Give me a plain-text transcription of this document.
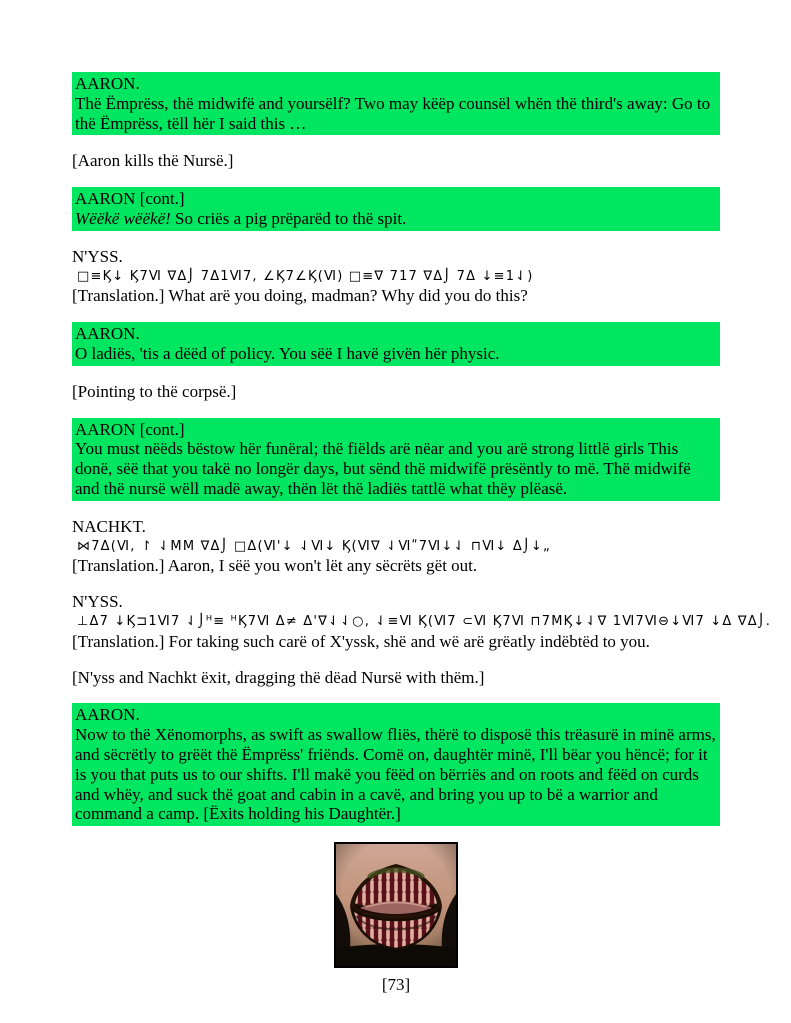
AARON.
Thë Ëmprëss, thë midwifë and yoursëlf? Two may këëp counsël whën thë third's away: Go to thë Ëmprëss, tëll hër I said this …
[Aaron kills thë Nursë.]
AARON [cont.]
Wëëkë wëëkë! So criës a pig prëparëd to thë spit.
N'YSS.
□≡Ϗ↓ Ϗ7Ⅵ ∇Δ⌡ 7Δ1Ⅵ7, ∠Ϗ7∠Ϗ(Ⅵ) □≡∇ 717 ∇Δ⌡ 7Δ ↓≡1⇃)
[Translation.] What arë you doing, madman? Why did you do this?
AARON.
O ladiës, 'tis a dëëd of policy. You sëë I havë givën hër physic.
[Pointing to thë corpsë.]
AARON [cont.]
You must nëëds bëstow hër funëral; thë fiëlds arë nëar and you arë strong littlë girls This donë, sëë that you takë no longër days, but sënd thë midwifë prësëntly to më. Thë midwifë and thë nursë wëll madë away, thën lët thë ladiës tattlë what thëy plëasë.
NACHKT.
⋈7Δ(Ⅵ, ↾ ⇃ⅯⅯ ∇Δ⌡ □Δ(Ⅵ'↓ ⇃Ⅵ↓ Ϗ(Ⅵ∇ ⇃Ⅵʺ7Ⅵ↓⇃ ⊓Ⅵ↓ Δ⌡↓„
[Translation.] Aaron, I sëë you won't lët any sëcrëts gët out.
N'YSS.
⊥Δ7 ↓Ϗ⊐1Ⅵ7 ⇃⌡ᴴ≡ ᴴϏ7Ⅵ Δ≠ Δ'∇⇃⇃○, ⇃≡Ⅵ Ϗ(Ⅵ7 ⊂Ⅵ Ϗ7Ⅵ ⊓7ⅯϏ↓⇃∇ 1Ⅵ7Ⅵ⊖↓Ⅵ7 ↓Δ ∇Δ⌡.
[Translation.] For taking such carë of X'yssk, shë and wë arë grëatly indëbtëd to you.
[N'yss and Nachkt ëxit, dragging thë dëad Nursë with thëm.]
AARON.
Now to thë Xënomorphs, as swift as swallow fliës, thërë to disposë this trëasurë in minë arms, and sëcrëtly to grëët thë Ëmprëss' friënds. Comë on, daughtër minë, I'll bëar you hëncë; for it is you that puts us to our shifts. I'll makë you fëëd on bërriës and on roots and fëëd on curds and whëy, and suck thë goat and cabin in a cavë, and bring you up to bë a warrior and command a camp. [Ëxits holding his Daughtër.]
[73]
